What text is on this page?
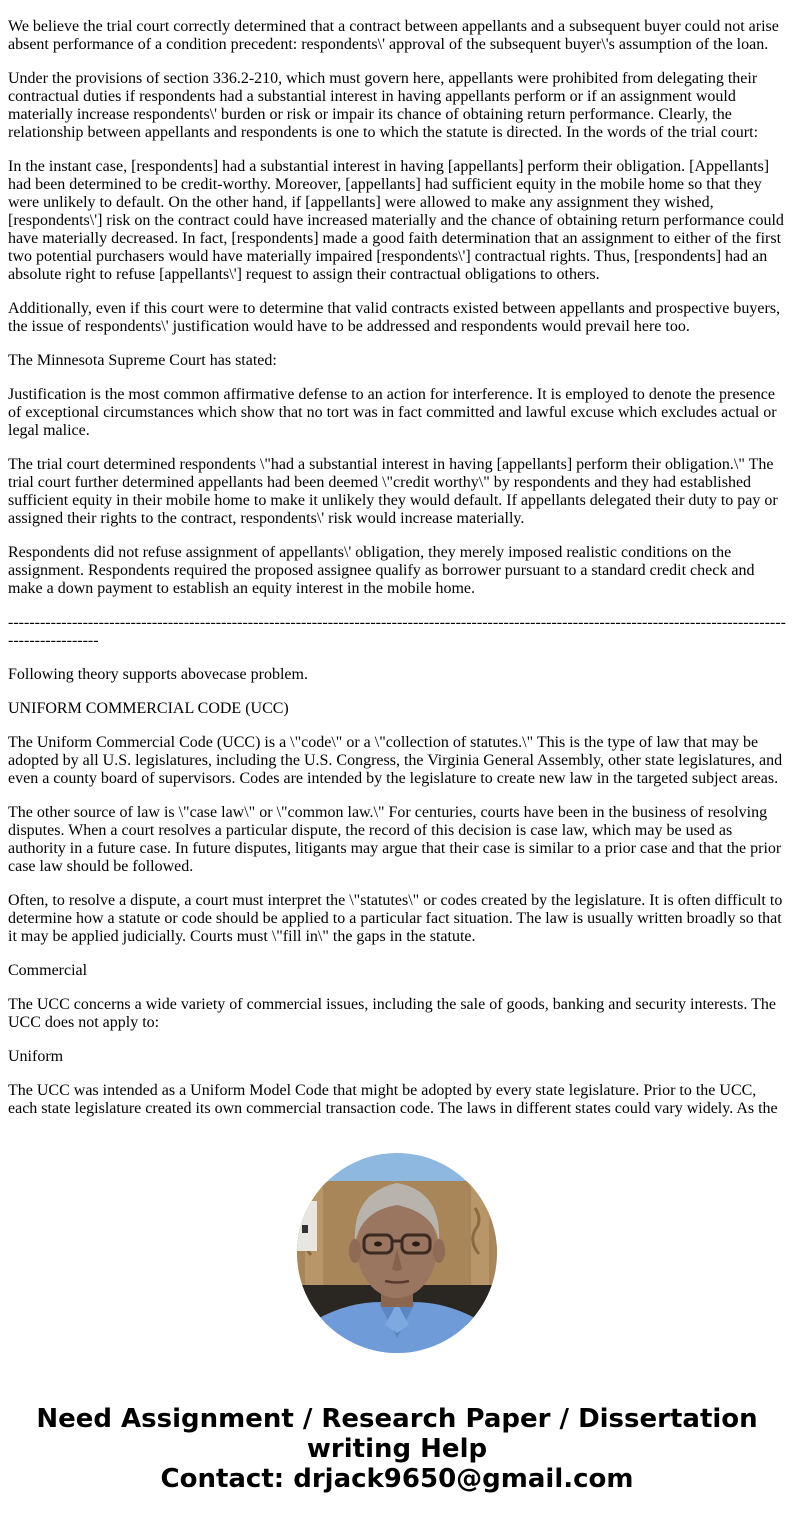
We believe the trial court correctly determined that a contract between appellants and a subsequent buyer could not arise absent performance of a condition precedent: respondents\' approval of the subsequent buyer\'s assumption of the loan.

Under the provisions of section 336.2-210, which must govern here, appellants were prohibited from delegating their contractual duties if respondents had a substantial interest in having appellants perform or if an assignment would materially increase respondents\' burden or risk or impair its chance of obtaining return performance. Clearly, the relationship between appellants and respondents is one to which the statute is directed. In the words of the trial court:

In the instant case, [respondents] had a substantial interest in having [appellants] perform their obligation. [Appellants] had been determined to be credit-worthy. Moreover, [appellants] had sufficient equity in the mobile home so that they were unlikely to default. On the other hand, if [appellants] were allowed to make any assignment they wished, [respondents\'] risk on the contract could have increased materially and the chance of obtaining return performance could have materially decreased. In fact, [respondents] made a good faith determination that an assignment to either of the first two potential purchasers would have materially impaired [respondents\'] contractual rights. Thus, [respondents] had an absolute right to refuse [appellants\'] request to assign their contractual obligations to others.

Additionally, even if this court were to determine that valid contracts existed between appellants and prospective buyers, the issue of respondents\' justification would have to be addressed and respondents would prevail here too.

The Minnesota Supreme Court has stated:

Justification is the most common affirmative defense to an action for interference. It is employed to denote the presence of exceptional circumstances which show that no tort was in fact committed and lawful excuse which excludes actual or legal malice.

The trial court determined respondents \"had a substantial interest in having [appellants] perform their obligation.\" The trial court further determined appellants had been deemed \"credit worthy\" by respondents and they had established sufficient equity in their mobile home to make it unlikely they would default. If appellants delegated their duty to pay or assigned their rights to the contract, respondents\' risk would increase materially.

Respondents did not refuse assignment of appellants\' obligation, they merely imposed realistic conditions on the assignment. Respondents required the proposed assignee qualify as borrower pursuant to a standard credit check and make a down payment to establish an equity interest in the mobile home.

-------------------------------------------------------------------------------------------------------------------------------------------------------------------

Following theory supports abovecase problem.

UNIFORM COMMERCIAL CODE (UCC)

The Uniform Commercial Code (UCC) is a \"code\" or a \"collection of statutes.\" This is the type of law that may be adopted by all U.S. legislatures, including the U.S. Congress, the Virginia General Assembly, other state legislatures, and even a county board of supervisors. Codes are intended by the legislature to create new law in the targeted subject areas.

The other source of law is \"case law\" or \"common law.\" For centuries, courts have been in the business of resolving disputes. When a court resolves a particular dispute, the record of this decision is case law, which may be used as authority in a future case. In future disputes, litigants may argue that their case is similar to a prior case and that the prior case law should be followed.

Often, to resolve a dispute, a court must interpret the \"statutes\" or codes created by the legislature. It is often difficult to determine how a statute or code should be applied to a particular fact situation. The law is usually written broadly so that it may be applied judicially. Courts must \"fill in\" the gaps in the statute.

Commercial

The UCC concerns a wide variety of commercial issues, including the sale of goods, banking and security interests. The UCC does not apply to:

Uniform

The UCC was intended as a Uniform Model Code that might be adopted by every state legislature. Prior to the UCC, each state legislature created its own commercial transaction code. The laws in different states could vary widely. As the

Need Assignment / Research Paper / Dissertation
writing Help
Contact: drjack9650@gmail.com
